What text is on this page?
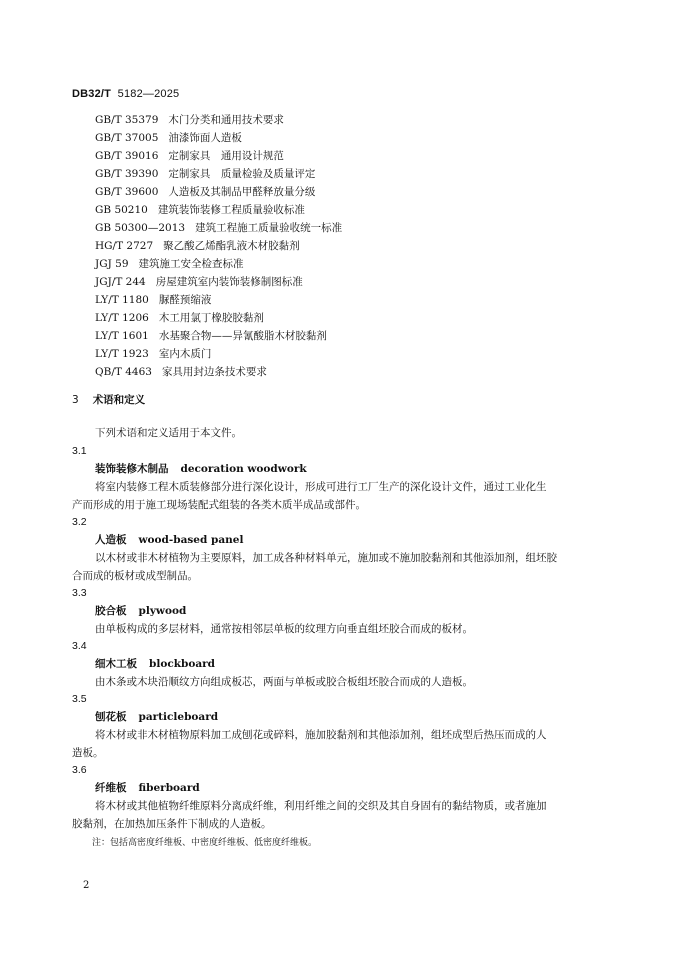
DB32/T 5182—2025
GB/T 35379 木门分类和通用技术要求
GB/T 37005 油漆饰面人造板
GB/T 39016 定制家具　通用设计规范
GB/T 39390 定制家具　质量检验及质量评定
GB/T 39600 人造板及其制品甲醛释放量分级
GB 50210 建筑装饰装修工程质量验收标准
GB 50300—2013 建筑工程施工质量验收统一标准
HG/T 2727 聚乙酸乙烯酯乳液木材胶黏剂
JGJ 59 建筑施工安全检查标准
JGJ/T 244 房屋建筑室内装饰装修制图标准
LY/T 1180 脲醛预缩液
LY/T 1206 木工用氯丁橡胶胶黏剂
LY/T 1601 水基聚合物——异氰酸脂木材胶黏剂
LY/T 1923 室内木质门
QB/T 4463 家具用封边条技术要求
3 术语和定义
下列术语和定义适用于本文件。
3.1
装饰装修木制品 decoration woodwork

将室内装修工程木质装修部分进行深化设计，形成可进行工厂生产的深化设计文件，通过工业化生
产而形成的用于施工现场装配式组装的各类木质半成品或部件。

3.2
人造板 wood-based panel

以木材或非木材植物为主要原料，加工成各种材料单元，施加或不施加胶黏剂和其他添加剂，组坯胶
合而成的板材或成型制品。

3.3
胶合板 plywood

由单板构成的多层材料，通常按相邻层单板的纹理方向垂直组坯胶合而成的板材。

3.4
细木工板 blockboard

由木条或木块沿顺纹方向组成板芯，两面与单板或胶合板组坯胶合而成的人造板。

3.5
刨花板 particleboard

将木材或非木材植物原料加工成刨花或碎料，施加胶黏剂和其他添加剂，组坯成型后热压而成的人
造板。

3.6
纤维板 fiberboard

将木材或其他植物纤维原料分离成纤维，利用纤维之间的交织及其自身固有的黏结物质，或者施加
胶黏剂，在加热加压条件下制成的人造板。

注：包括高密度纤维板、中密度纤维板、低密度纤维板。
2
